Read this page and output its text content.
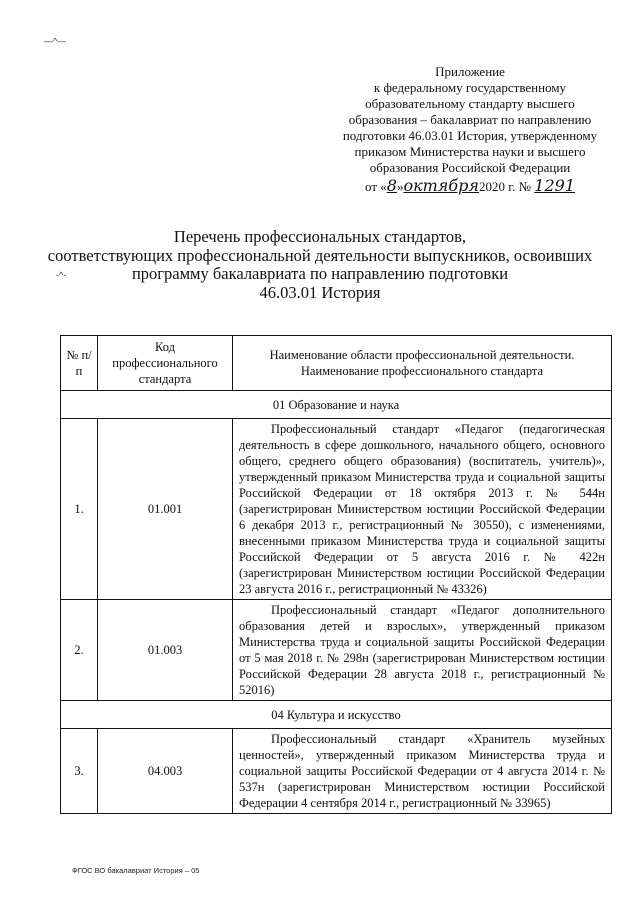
—^—
-^-
Приложение
к федеральному государственному
образовательному стандарту высшего
образования – бакалавриат по направлению
подготовки 46.03.01 История, утвержденному
приказом Министерства науки и высшего
образования Российской Федерации
от «8»октября2020 г. № 1291
Перечень профессиональных стандартов,
соответствующих профессиональной деятельности выпускников, освоивших
программу бакалавриата по направлению подготовки
46.03.01 История
№ п/п	Код профессионального стандарта	Наименование области профессиональной деятельности. Наименование профессионального стандарта
01 Образование и наука		
1.	01.001	Профессиональный стандарт «Педагог (педагогическая деятельность в сфере дошкольного, начального общего, основного общего, среднего общего образования) (воспитатель, учитель)», утвержденный приказом Министерства труда и социальной защиты Российской Федерации от 18 октября 2013 г. № 544н (зарегистрирован Министерством юстиции Российской Федерации 6 декабря 2013 г., регистрационный № 30550), с изменениями, внесенными приказом Министерства труда и социальной защиты Российской Федерации от 5 августа 2016 г. № 422н (зарегистрирован Министерством юстиции Российской Федерации 23 августа 2016 г., регистрационный № 43326)

2.	01.003	Профессиональный стандарт «Педагог дополнительного образования детей и взрослых», утвержденный приказом Министерства труда и социальной защиты Российской Федерации от 5 мая 2018 г. № 298н (зарегистрирован Министерством юстиции Российской Федерации 28 августа 2018 г., регистрационный № 52016)

04 Культура и искусство		
3.	04.003	Профессиональный стандарт «Хранитель музейных ценностей», утвержденный приказом Министерства труда и социальной защиты Российской Федерации от 4 августа 2014 г. № 537н (зарегистрирован Министерством юстиции Российской Федерации 4 сентября 2014 г., регистрационный № 33965)

ФГОС ВО бакалавриат История – 05
